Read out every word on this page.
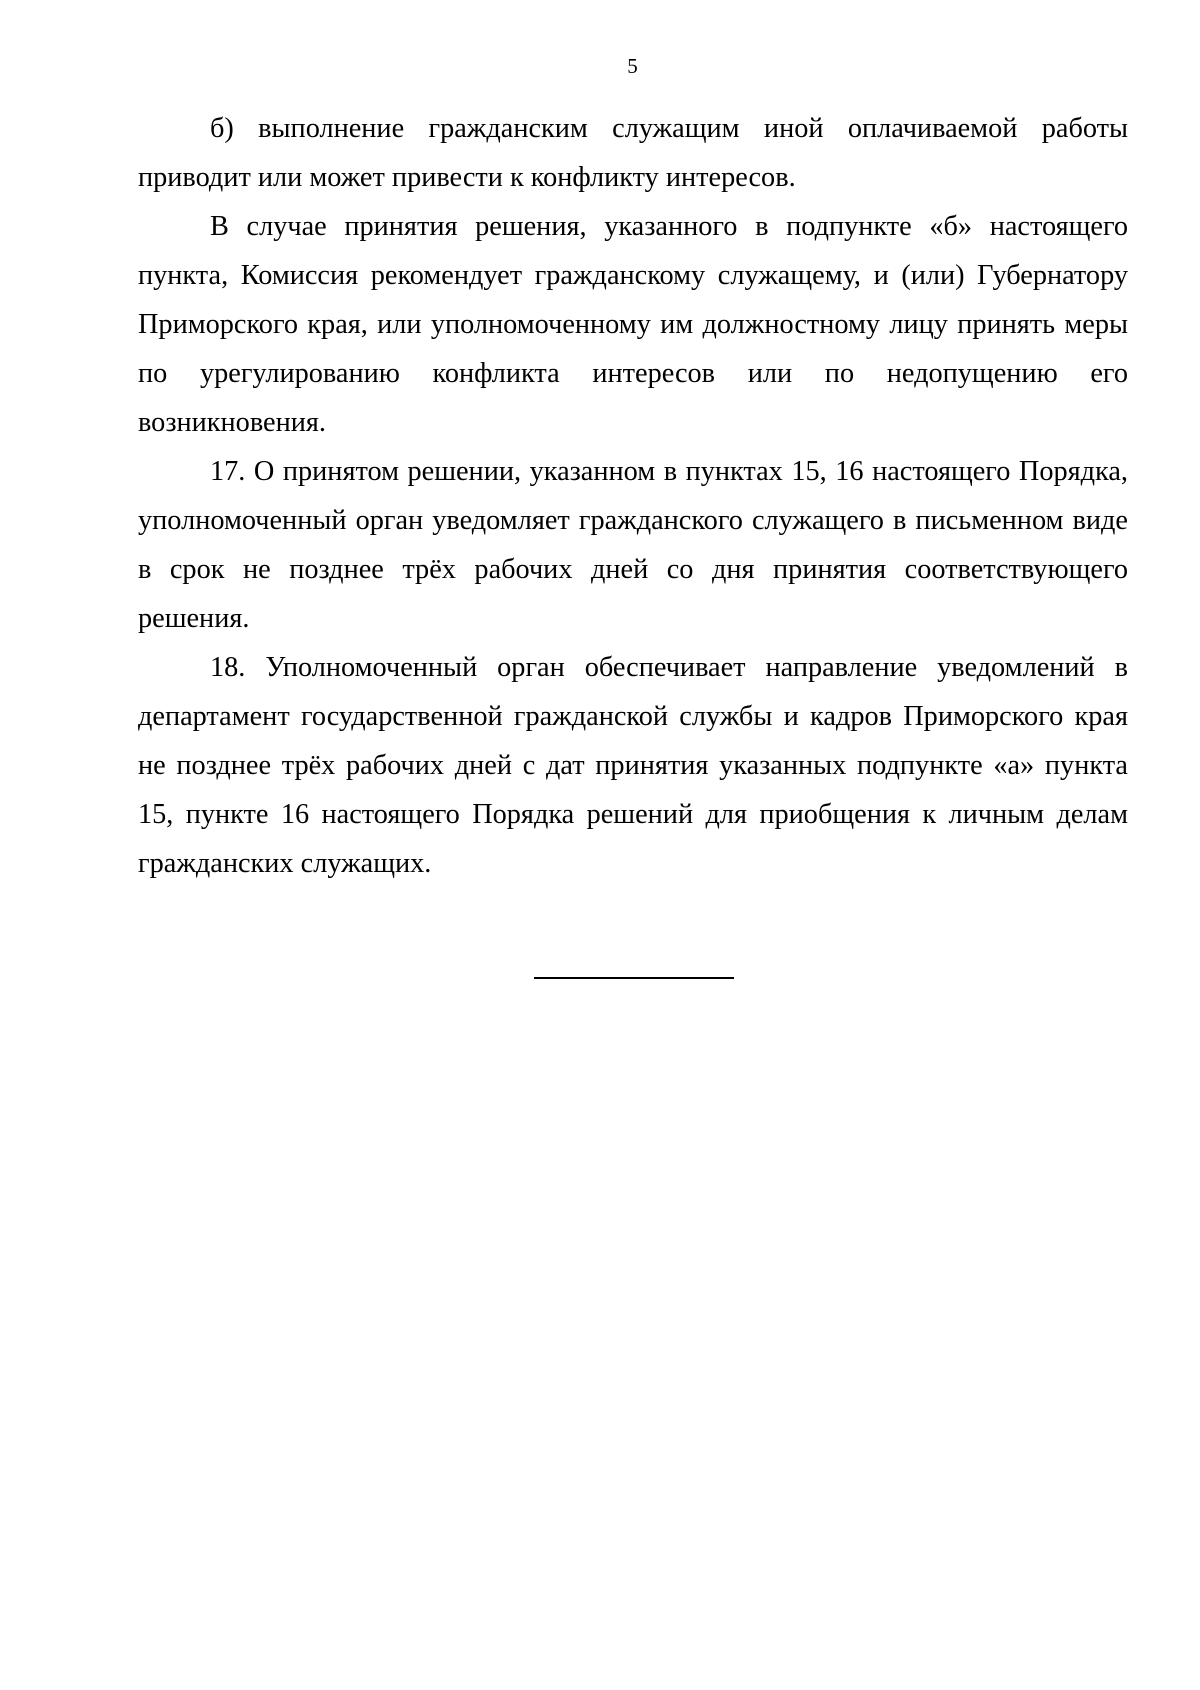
5

б) выполнение гражданским служащим иной оплачиваемой работы приводит или может привести к конфликту интересов.

В случае принятия решения, указанного в подпункте «б» настоящего пункта, Комиссия рекомендует гражданскому служащему, и (или) Губернатору Приморского края, или уполномоченному им должностному лицу принять меры по урегулированию конфликта интересов или по недопущению его возникновения.

17. О принятом решении, указанном в пунктах 15, 16 настоящего Порядка, уполномоченный орган уведомляет гражданского служащего в письменном виде в срок не позднее трёх рабочих дней со дня принятия соответствующего решения.

18. Уполномоченный орган обеспечивает направление уведомлений в департамент государственной гражданской службы и кадров Приморского края не позднее трёх рабочих дней с дат принятия указанных подпункте «а» пункта 15, пункте 16 настоящего Порядка решений для приобщения к личным делам гражданских служащих.
